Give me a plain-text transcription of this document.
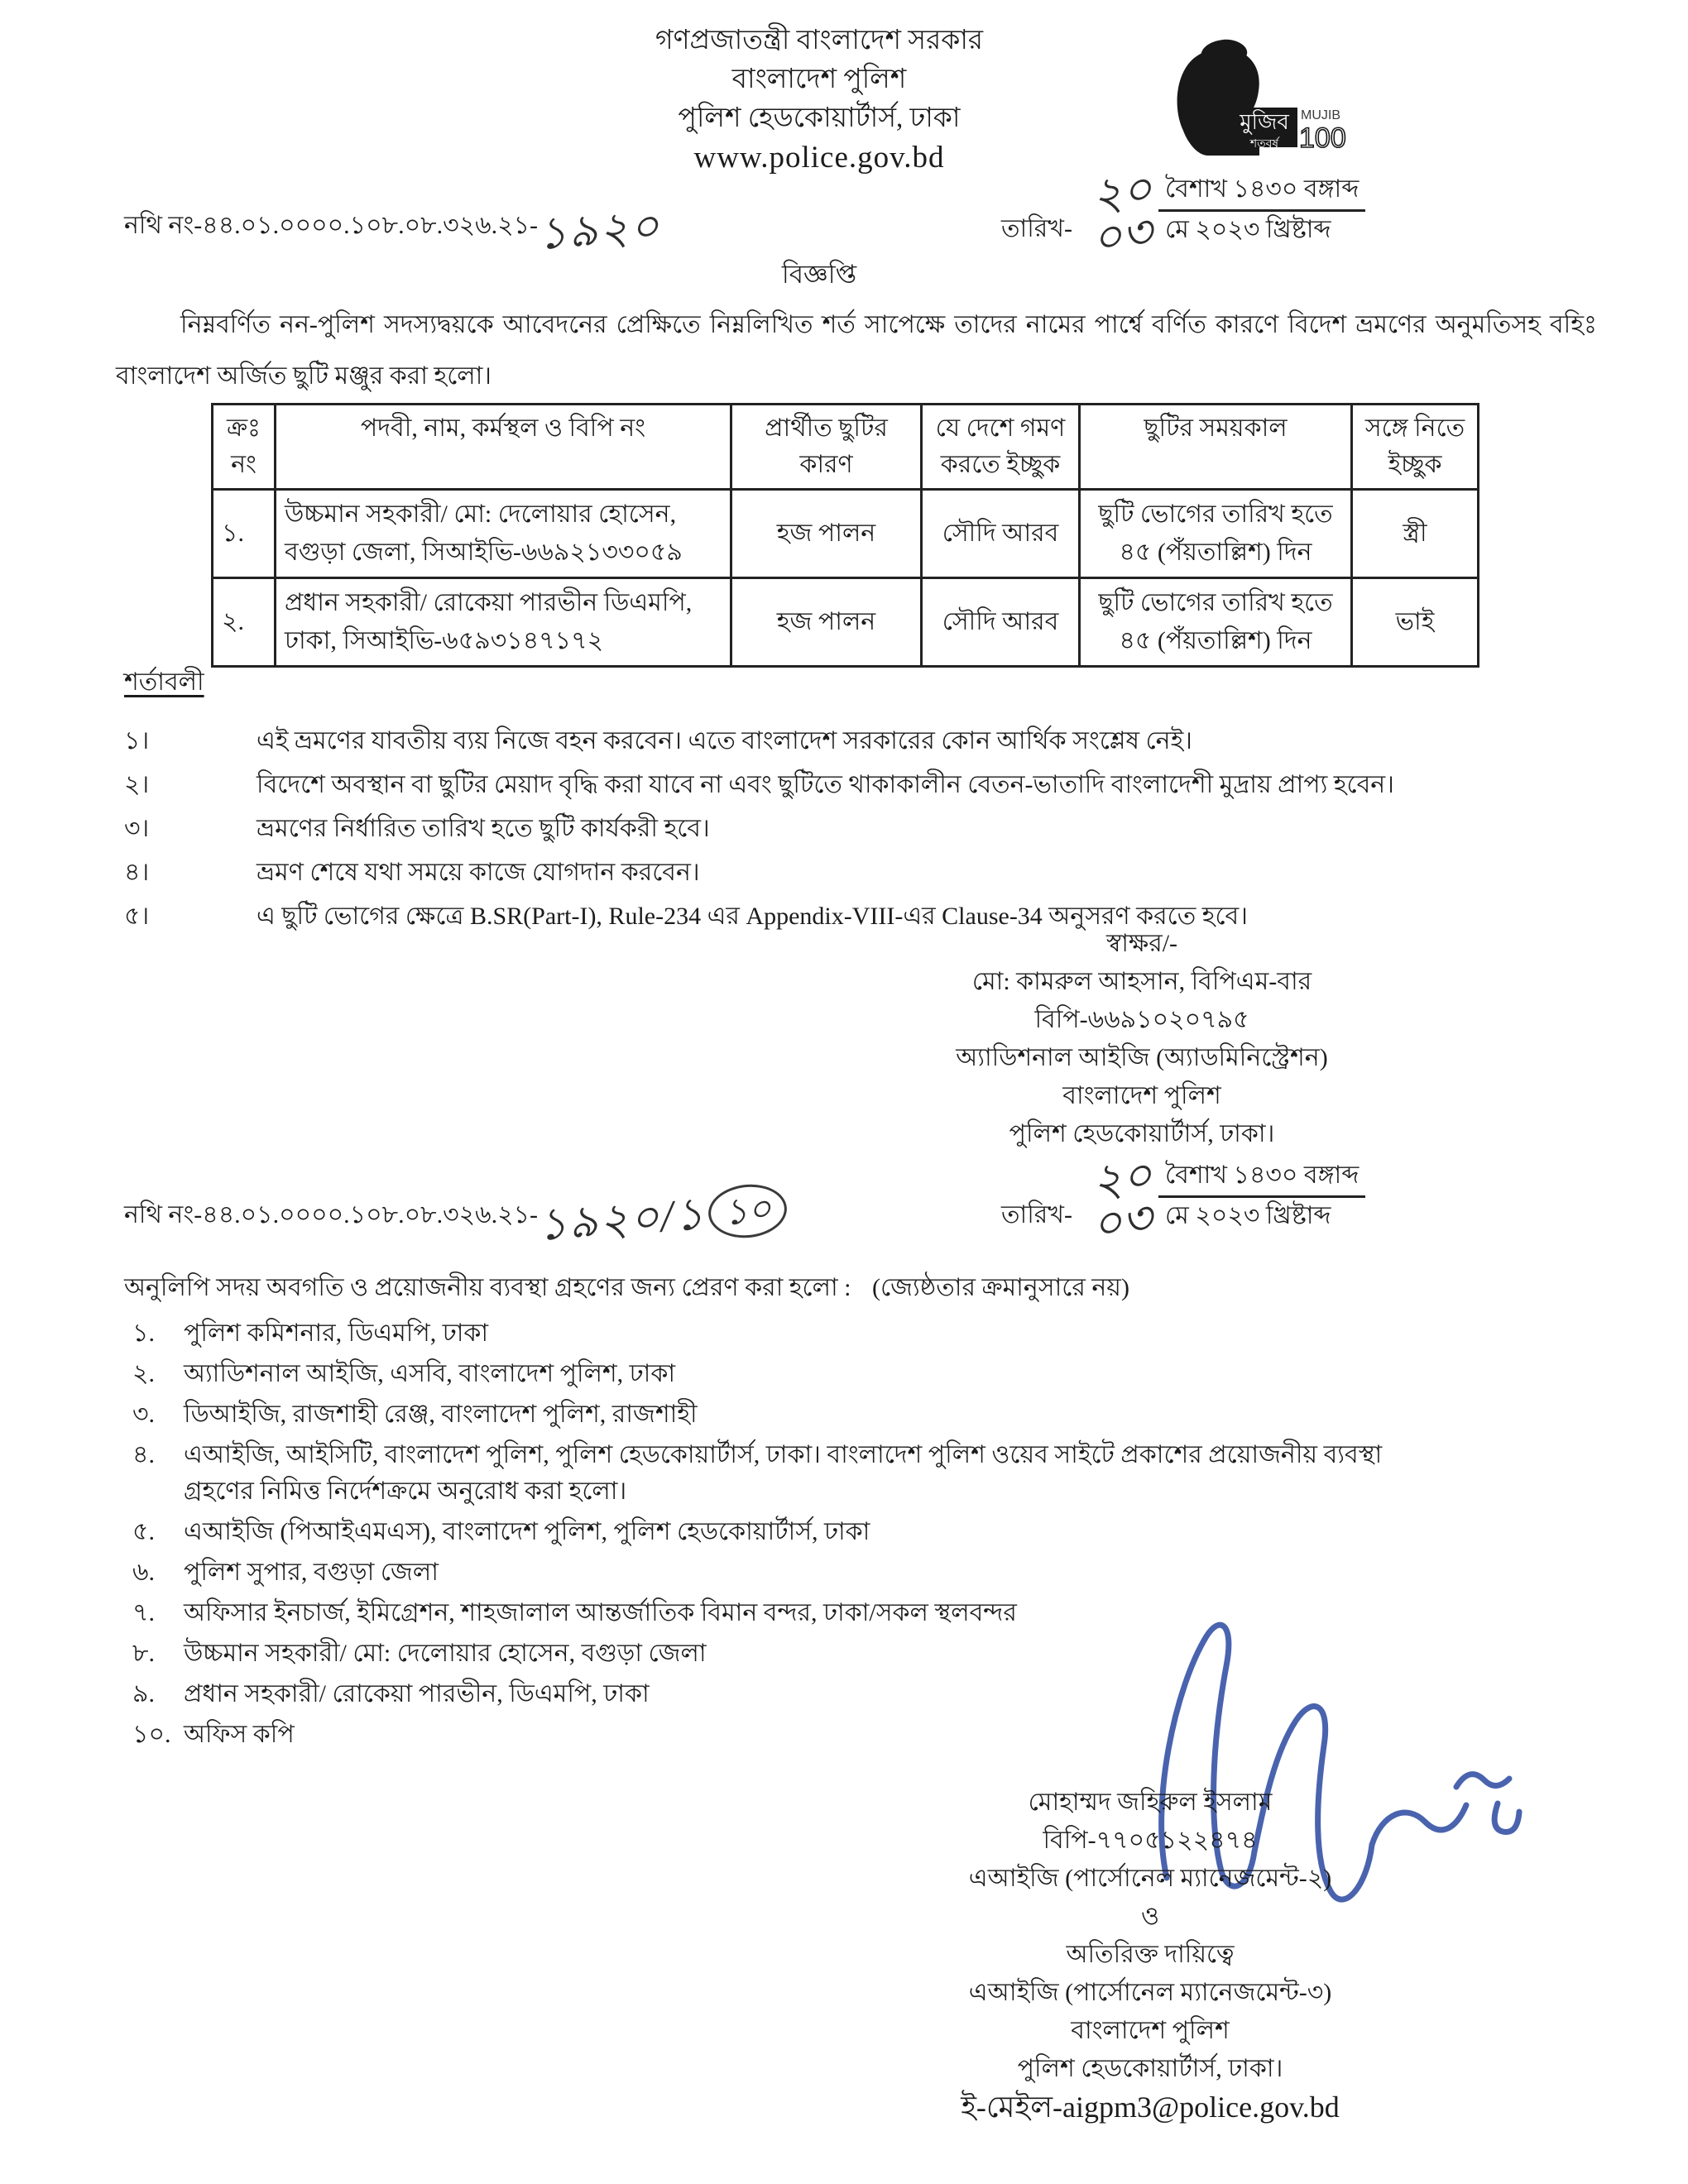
গণপ্রজাতন্ত্রী বাংলাদেশ সরকার
বাংলাদেশ পুলিশ
পুলিশ হেডকোয়ার্টার্স, ঢাকা
www.police.gov.bd
মুজিব
শতবর্ষ
MUJIB
100
নথি নং-৪৪.০১.০০০০.১০৮.০৮.৩২৬.২১-১৯২০	তারিখ-
২০
০৩
বৈশাখ ১৪৩০ বঙ্গাব্দ
মে ২০২৩ খ্রিষ্টাব্দ
বিজ্ঞপ্তি
নিম্নবর্ণিত নন-পুলিশ সদস্যদ্বয়কে আবেদনের প্রেক্ষিতে নিম্নলিখিত শর্ত সাপেক্ষে তাদের নামের পার্শ্বে বর্ণিত কারণে বিদেশ ভ্রমণের অনুমতিসহ বহিঃ বাংলাদেশ অর্জিত ছুটি মঞ্জুর করা হলো।
ক্রঃ নং	পদবী, নাম, কর্মস্থল ও বিপি নং	প্রার্থীত ছুটির কারণ	যে দেশে গমণ করতে ইচ্ছুক	ছুটির সময়কাল	সঙ্গে নিতে ইচ্ছুক
১.	উচ্চমান সহকারী/ মো: দেলোয়ার হোসেন, বগুড়া জেলা, সিআইভি-৬৬৯২১৩৩০৫৯	হজ পালন	সৌদি আরব	ছুটি ভোগের তারিখ হতে ৪৫ (পঁয়তাল্লিশ) দিন	স্ত্রী
২.	প্রধান সহকারী/ রোকেয়া পারভীন ডিএমপি, ঢাকা, সিআইভি-৬৫৯৩১৪৭১৭২	হজ পালন	সৌদি আরব	ছুটি ভোগের তারিখ হতে ৪৫ (পঁয়তাল্লিশ) দিন	ভাই
শর্তাবলী
১।	এই ভ্রমণের যাবতীয় ব্যয় নিজে বহন করবেন। এতে বাংলাদেশ সরকারের কোন আর্থিক সংশ্লেষ নেই।
২।	বিদেশে অবস্থান বা ছুটির মেয়াদ বৃদ্ধি করা যাবে না এবং ছুটিতে থাকাকালীন বেতন-ভাতাদি বাংলাদেশী মুদ্রায় প্রাপ্য হবেন।
৩।	ভ্রমণের নির্ধারিত তারিখ হতে ছুটি কার্যকরী হবে।
৪।	ভ্রমণ শেষে যথা সময়ে কাজে যোগদান করবেন।
৫।	এ ছুটি ভোগের ক্ষেত্রে B.SR(Part-I), Rule-234 এর Appendix-VIII-এর Clause-34 অনুসরণ করতে হবে।
স্বাক্ষর/-
মো: কামরুল আহসান, বিপিএম-বার
বিপি-৬৬৯১০২০৭৯৫
অ্যাডিশনাল আইজি (অ্যাডমিনিস্ট্রেশন)
বাংলাদেশ পুলিশ
পুলিশ হেডকোয়ার্টার্স, ঢাকা।
নথি নং-৪৪.০১.০০০০.১০৮.০৮.৩২৬.২১-১৯২০/১ ১০	তারিখ-
২০
০৩
বৈশাখ ১৪৩০ বঙ্গাব্দ
মে ২০২৩ খ্রিষ্টাব্দ
অনুলিপি সদয় অবগতি ও প্রয়োজনীয় ব্যবস্থা গ্রহণের জন্য প্রেরণ করা হলো : (জ্যেষ্ঠতার ক্রমানুসারে নয়)
১.	পুলিশ কমিশনার, ডিএমপি, ঢাকা
২.	অ্যাডিশনাল আইজি, এসবি, বাংলাদেশ পুলিশ, ঢাকা
৩.	ডিআইজি, রাজশাহী রেঞ্জ, বাংলাদেশ পুলিশ, রাজশাহী
৪.	এআইজি, আইসিটি, বাংলাদেশ পুলিশ, পুলিশ হেডকোয়ার্টার্স, ঢাকা। বাংলাদেশ পুলিশ ওয়েব সাইটে প্রকাশের প্রয়োজনীয় ব্যবস্থা গ্রহণের নিমিত্ত নির্দেশক্রমে অনুরোধ করা হলো।
৫.	এআইজি (পিআইএমএস), বাংলাদেশ পুলিশ, পুলিশ হেডকোয়ার্টার্স, ঢাকা
৬.	পুলিশ সুপার, বগুড়া জেলা
৭.	অফিসার ইনচার্জ, ইমিগ্রেশন, শাহজালাল আন্তর্জাতিক বিমান বন্দর, ঢাকা/সকল স্থলবন্দর
৮.	উচ্চমান সহকারী/ মো: দেলোয়ার হোসেন, বগুড়া জেলা
৯.	প্রধান সহকারী/ রোকেয়া পারভীন, ডিএমপি, ঢাকা
১০. অফিস কপি
মোহাম্মদ জহিরুল ইসলাম
বিপি-৭৭০৫১২২৪৭৪
এআইজি (পার্সোনেল ম্যানেজমেন্ট-২)
ও
অতিরিক্ত দায়িত্বে
এআইজি (পার্সোনেল ম্যানেজমেন্ট-৩)
বাংলাদেশ পুলিশ
পুলিশ হেডকোয়ার্টার্স, ঢাকা।
ই-মেইল-aigpm3@police.gov.bd
